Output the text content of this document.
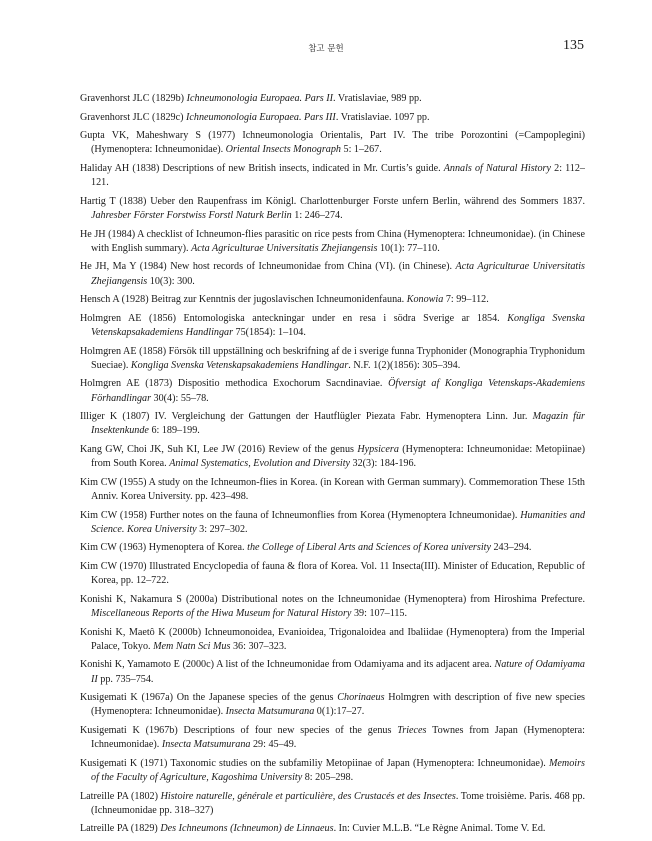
참고 문헌	135

Gravenhorst JLC (1829b) Ichneumonologia Europaea. Pars II. Vratislaviae, 989 pp.

Gravenhorst JLC (1829c) Ichneumonologia Europaea. Pars III. Vratislaviae. 1097 pp.

Gupta VK, Maheshwary S (1977) Ichneumonologia Orientalis, Part IV. The tribe Porozontini (=Campoplegini) (Hymenoptera: Ichneumonidae). Oriental Insects Monograph 5: 1–267.

Haliday AH (1838) Descriptions of new British insects, indicated in Mr. Curtis’s guide. Annals of Natural History 2: 112–121.

Hartig T (1838) Ueber den Raupenfrass im Königl. Charlottenburger Forste unfern Berlin, während des Sommers 1837. Jahresber Förster Forstwiss Forstl Naturk Berlin 1: 246–274.

He JH (1984) A checklist of Ichneumon-flies parasitic on rice pests from China (Hymenoptera: Ichneumonidae). (in Chinese with English summary). Acta Agriculturae Universitatis Zhejiangensis 10(1): 77–110.

He JH, Ma Y (1984) New host records of Ichneumonidae from China (VI). (in Chinese). Acta Agriculturae Universitatis Zhejiangensis 10(3): 300.

Hensch A (1928) Beitrag zur Kenntnis der jugoslavischen Ichneumonidenfauna. Konowia 7: 99–112.

Holmgren AE (1856) Entomologiska anteckningar under en resa i södra Sverige ar 1854. Kongliga Svenska Vetenskapsakademiens Handlingar 75(1854): 1–104.

Holmgren AE (1858) Försök till uppställning och beskrifning af de i sverige funna Tryphonider (Monographia Tryphonidum Sueciae). Kongliga Svenska Vetenskapsakademiens Handlingar. N.F. 1(2)(1856): 305–394.

Holmgren AE (1873) Dispositio methodica Exochorum Sacndinaviae. Öfversigt af Kongliga Vetenskaps-Akademiens Förhandlingar 30(4): 55–78.

Illiger K (1807) IV. Vergleichung der Gattungen der Hautflügler Piezata Fabr. Hymenoptera Linn. Jur. Magazin für Insektenkunde 6: 189–199.

Kang GW, Choi JK, Suh KI, Lee JW (2016) Review of the genus Hypsicera (Hymenoptera: Ichneumonidae: Metopiinae) from South Korea. Animal Systematics, Evolution and Diversity 32(3): 184-196.

Kim CW (1955) A study on the Ichneumon-flies in Korea. (in Korean with German summary). Commemoration These 15th Anniv. Korea University. pp. 423–498.

Kim CW (1958) Further notes on the fauna of Ichneumonflies from Korea (Hymenoptera Ichneumonidae). Humanities and Science. Korea University 3: 297–302.

Kim CW (1963) Hymenoptera of Korea. the College of Liberal Arts and Sciences of Korea university 243–294.

Kim CW (1970) Illustrated Encyclopedia of fauna & flora of Korea. Vol. 11 Insecta(III). Minister of Education, Republic of Korea, pp. 12–722.

Konishi K, Nakamura S (2000a) Distributional notes on the Ichneumonidae (Hymenoptera) from Hiroshima Prefecture. Miscellaneous Reports of the Hiwa Museum for Natural History 39: 107–115.

Konishi K, Maetô K (2000b) Ichneumonoidea, Evanioidea, Trigonaloidea and Ibaliidae (Hymenoptera) from the Imperial Palace, Tokyo. Mem Natn Sci Mus 36: 307–323.

Konishi K, Yamamoto E (2000c) A list of the Ichneumonidae from Odamiyama and its adjacent area. Nature of Odamiyama II pp. 735–754.

Kusigemati K (1967a) On the Japanese species of the genus Chorinaeus Holmgren with description of five new species (Hymenoptera: Ichneumonidae). Insecta Matsumurana 0(1):17–27.

Kusigemati K (1967b) Descriptions of four new species of the genus Trieces Townes from Japan (Hymenoptera: Ichneumonidae). Insecta Matsumurana 29: 45–49.

Kusigemati K (1971) Taxonomic studies on the subfamiliy Metopiinae of Japan (Hymenoptera: Ichneumonidae). Memoirs of the Faculty of Agriculture, Kagoshima University 8: 205–298.

Latreille PA (1802) Histoire naturelle, générale et particulière, des Crustacés et des Insectes. Tome troisième. Paris. 468 pp. (Ichneumonidae pp. 318–327)

Latreille PA (1829) Des Ichneumons (Ichneumon) de Linnaeus. In: Cuvier M.L.B. “Le Règne Animal. Tome V. Ed.
